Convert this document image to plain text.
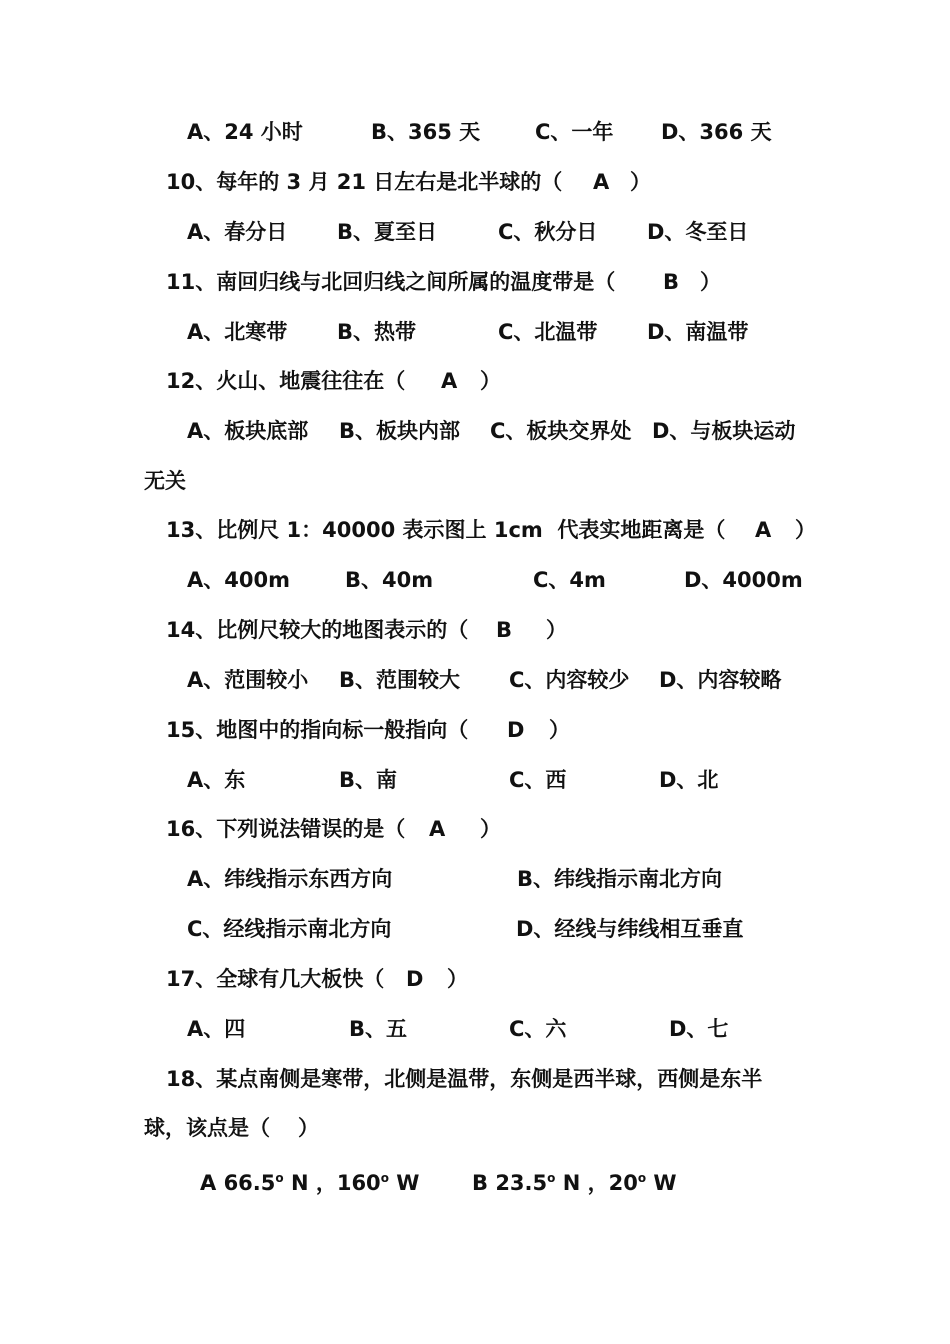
A、24 小时	B、365 天	C、一年 D、366 天
10、每年的 3 月 21 日左右是北半球的（ A ）
A、春分日 B、夏至日	C、秋分日 D、冬至日
11、南回归线与北回归线之间所属的温度带是（ B ）
A、北寒带 B、热带	C、北温带 D、南温带
12、火山、地震往往在（ A ）
A、板块底部 B、板块内部 C、板块交界处 D、与板块运动
无关
13、比例尺 1：40000 表示图上 1cm  代表实地距离是（ A ）
A、400m	B、40m	C、4m	D、4000m
14、比例尺较大的地图表示的（ B ）
A、范围较小 B、范围较大 C、内容较少 D、内容较略
15、地图中的指向标一般指向（ D ）
A、东	B、南	C、西	D、北
16、下列说法错误的是（ A ）
A、纬线指示东西方向	B、纬线指示南北方向
C、经线指示南北方向	D、经线与纬线相互垂直
17、全球有几大板快（ D ）
A、四	B、五	C、六	D、七
18、某点南侧是寒带，北侧是温带，东侧是西半球，西侧是东半
球，该点是（ ）
A 66.5$^o$ N ，160$^o$ W	B 23.5$^o$ N ，20$^o$ W
